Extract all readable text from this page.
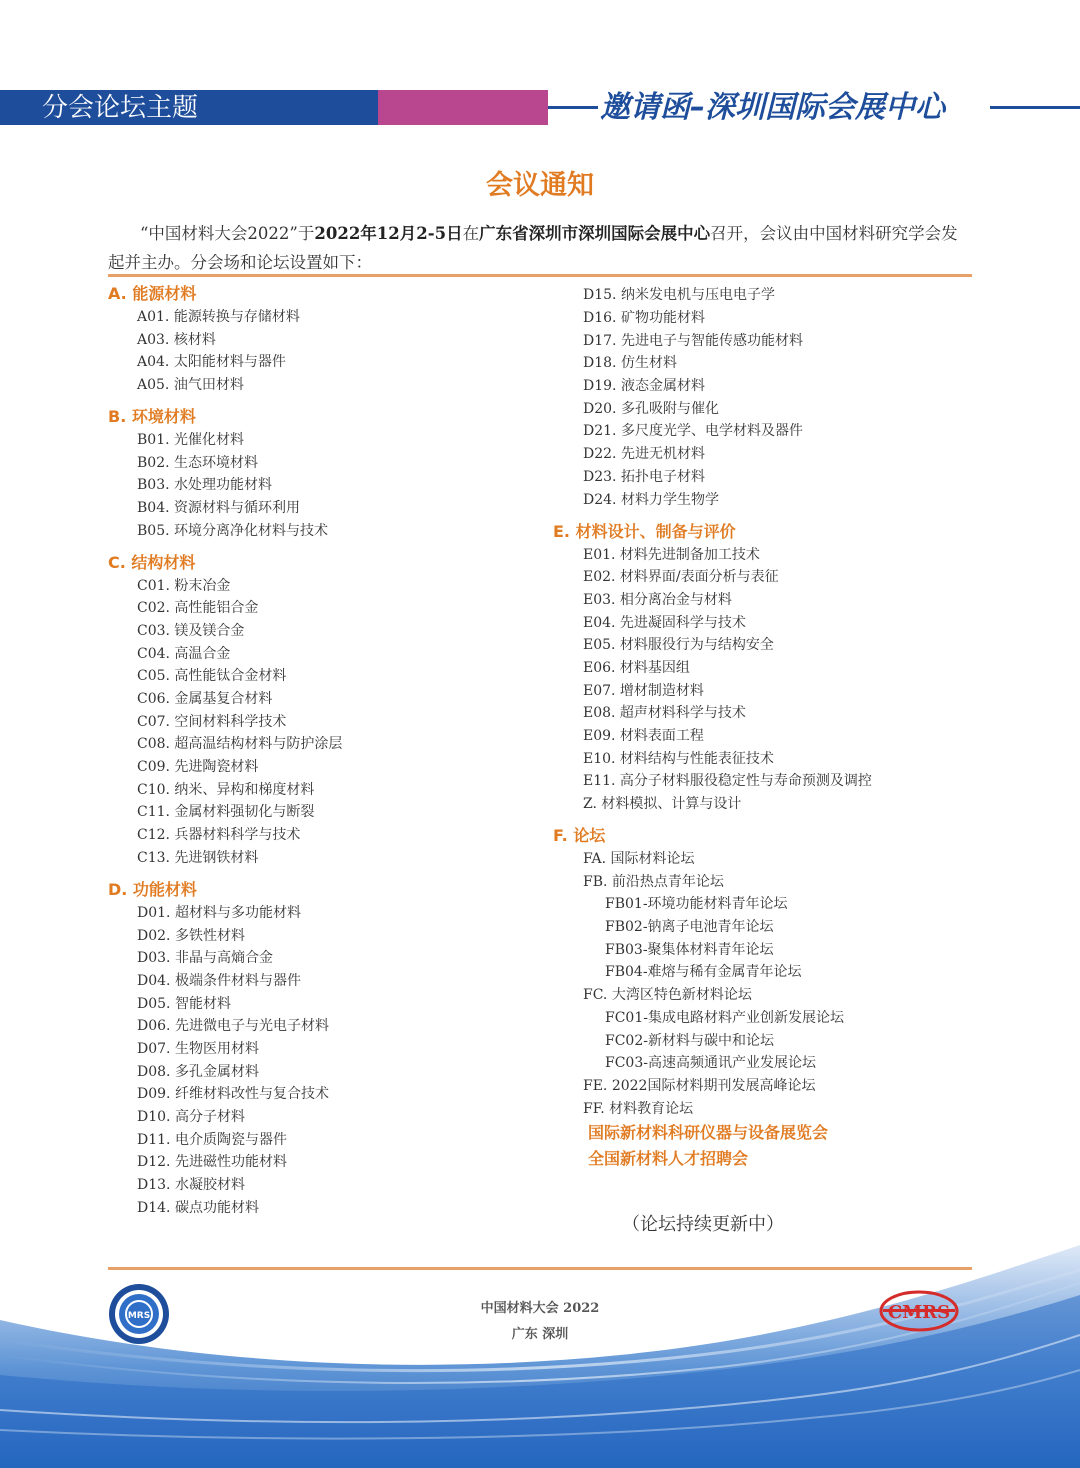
分会论坛主题	邀请函–深圳国际会展中心
会议通知
“中国材料大会2022”于2022年12月2-5日在广东省深圳市深圳国际会展中心召开，会议由中国材料研究学会发起并主办。分会场和论坛设置如下：
A. 能源材料
A01. 能源转换与存储材料
A03. 核材料
A04. 太阳能材料与器件
A05. 油气田材料
B. 环境材料
B01. 光催化材料
B02. 生态环境材料
B03. 水处理功能材料
B04. 资源材料与循环利用
B05. 环境分离净化材料与技术
C. 结构材料
C01. 粉末冶金
C02. 高性能铝合金
C03. 镁及镁合金
C04. 高温合金
C05. 高性能钛合金材料
C06. 金属基复合材料
C07. 空间材料科学技术
C08. 超高温结构材料与防护涂层
C09. 先进陶瓷材料
C10. 纳米、异构和梯度材料
C11. 金属材料强韧化与断裂
C12. 兵器材料科学与技术
C13. 先进钢铁材料
D. 功能材料
D01. 超材料与多功能材料
D02. 多铁性材料
D03. 非晶与高熵合金
D04. 极端条件材料与器件
D05. 智能材料
D06. 先进微电子与光电子材料
D07. 生物医用材料
D08. 多孔金属材料
D09. 纤维材料改性与复合技术
D10. 高分子材料
D11. 电介质陶瓷与器件
D12. 先进磁性功能材料
D13. 水凝胶材料
D14. 碳点功能材料
D15. 纳米发电机与压电电子学
D16. 矿物功能材料
D17. 先进电子与智能传感功能材料
D18. 仿生材料
D19. 液态金属材料
D20. 多孔吸附与催化
D21. 多尺度光学、电学材料及器件
D22. 先进无机材料
D23. 拓扑电子材料
D24. 材料力学生物学
E. 材料设计、制备与评价
E01. 材料先进制备加工技术
E02. 材料界面/表面分析与表征
E03. 相分离冶金与材料
E04. 先进凝固科学与技术
E05. 材料服役行为与结构安全
E06. 材料基因组
E07. 增材制造材料
E08. 超声材料科学与技术
E09. 材料表面工程
E10. 材料结构与性能表征技术
E11. 高分子材料服役稳定性与寿命预测及调控
Z. 材料模拟、计算与设计
F. 论坛
FA. 国际材料论坛
FB. 前沿热点青年论坛
FB01-环境功能材料青年论坛
FB02-钠离子电池青年论坛
FB03-聚集体材料青年论坛
FB04-难熔与稀有金属青年论坛
FC. 大湾区特色新材料论坛
FC01-集成电路材料产业创新发展论坛
FC02-新材料与碳中和论坛
FC03-高速高频通讯产业发展论坛
FE. 2022国际材料期刊发展高峰论坛
FF. 材料教育论坛
国际新材料科研仪器与设备展览会
全国新材料人才招聘会
（论坛持续更新中）
MRS	中国材料大会 2022
广东 深圳
CMRS
